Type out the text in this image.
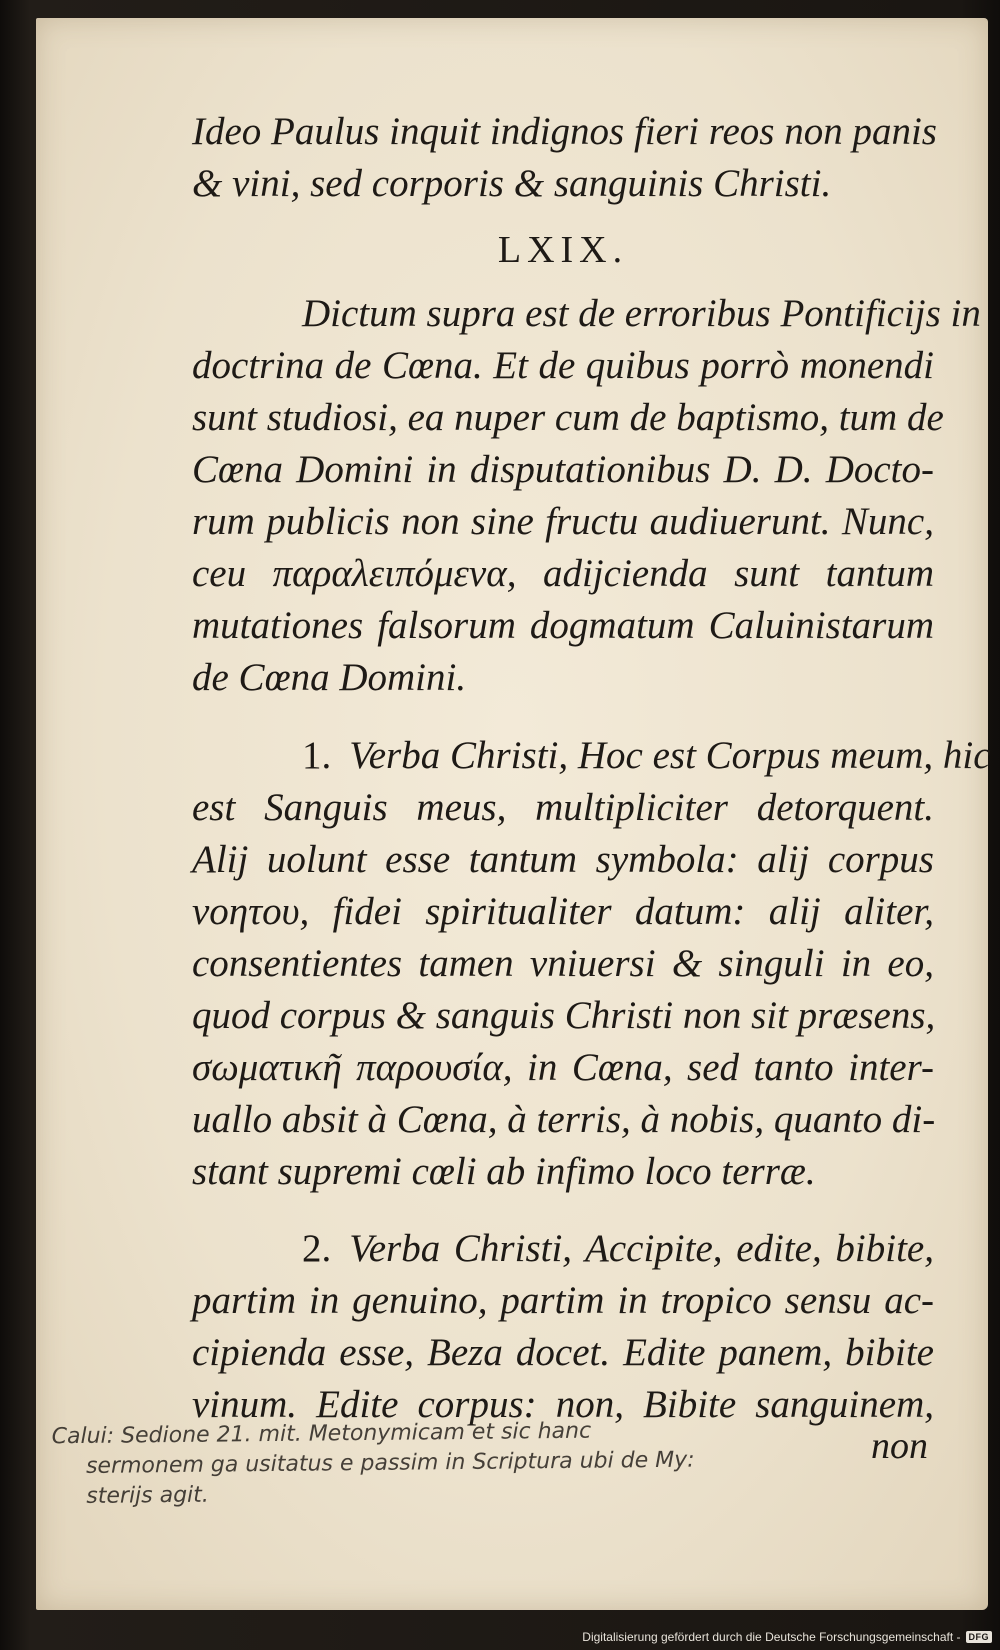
Ideo Paulus inquit indignos fieri reos non panis
& vini, sed corporis & sanguinis Christi.
LXIX.
Dictum supra est de erroribus Pontificijs in
doctrina de Cœna. Et de quibus porrò monendi
sunt studiosi, ea nuper cum de baptismo, tum de
Cœna Domini in disputationibus D. D. Docto-
rum publicis non sine fructu audiuerunt. Nunc,
ceu παραλειπόμενα, adijcienda sunt tantum
mutationes falsorum dogmatum Caluinistarum
de Cœna Domini.
1. Verba Christi, Hoc est Corpus meum, hic
est Sanguis meus, multipliciter detorquent.
Alij uolunt esse tantum symbola: alij corpus
νοητου, fidei spiritualiter datum: alij aliter,
consentientes tamen vniuersi & singuli in eo,
quod corpus & sanguis Christi non sit præsens,
σωματικῆ παρουσία, in Cœna, sed tanto inter-
uallo absit à Cœna, à terris, à nobis, quanto di-
stant supremi cœli ab infimo loco terræ.
2. Verba Christi, Accipite, edite, bibite,
partim in genuino, partim in tropico sensu ac-
cipienda esse, Beza docet. Edite panem, bibite
vinum. Edite corpus: non, Bibite sanguinem,
Calui: Sedione 21. mit. Metonymicam et sic hanc
sermonem ga usitatus e passim in Scriptura ubi de My:
sterijs agit.
non
Digitalisierung gefördert durch die Deutsche Forschungsgemeinschaft - DFG
